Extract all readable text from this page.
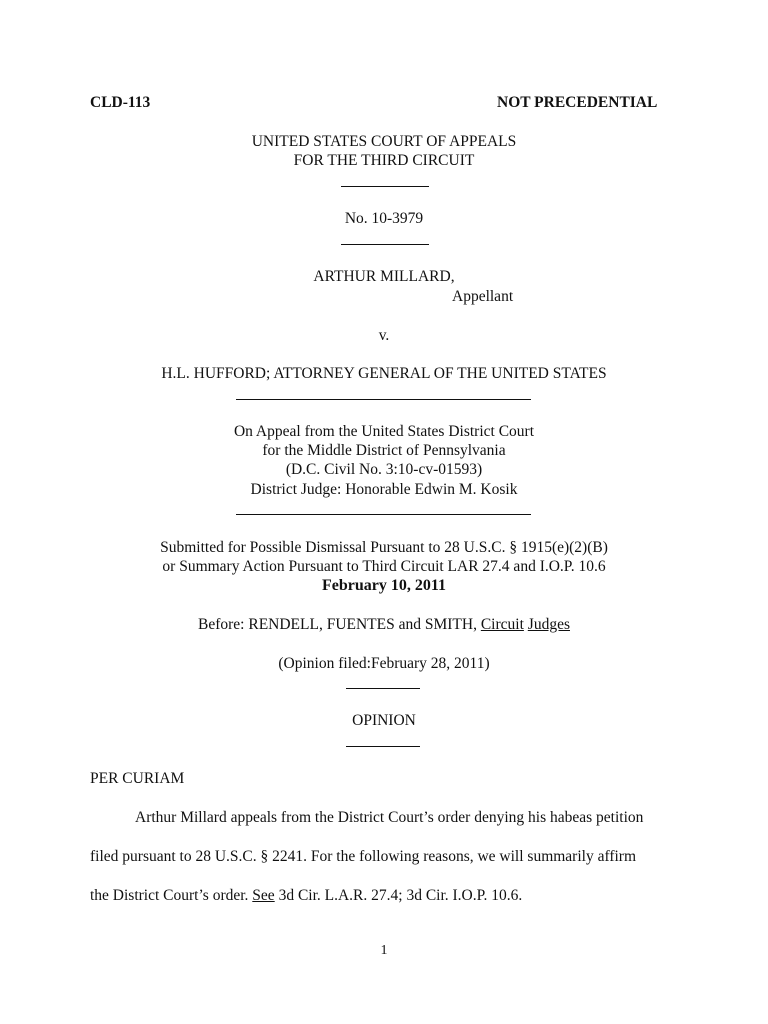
CLD-113	NOT PRECEDENTIAL
UNITED STATES COURT OF APPEALS
FOR THE THIRD CIRCUIT
No. 10-3979
ARTHUR MILLARD,
Appellant
v.
H.L. HUFFORD; ATTORNEY GENERAL OF THE UNITED STATES
On Appeal from the United States District Court
for the Middle District of Pennsylvania
(D.C. Civil No. 3:10-cv-01593)
District Judge: Honorable Edwin M. Kosik
Submitted for Possible Dismissal Pursuant to 28 U.S.C. § 1915(e)(2)(B)
or Summary Action Pursuant to Third Circuit LAR 27.4 and I.O.P. 10.6
February 10, 2011
Before: RENDELL, FUENTES and SMITH, Circuit Judges
(Opinion filed:February 28, 2011)
OPINION
PER CURIAM
Arthur Millard appeals from the District Court’s order denying his habeas petition
filed pursuant to 28 U.S.C. § 2241. For the following reasons, we will summarily affirm
the District Court’s order. See 3d Cir. L.A.R. 27.4; 3d Cir. I.O.P. 10.6.
1
